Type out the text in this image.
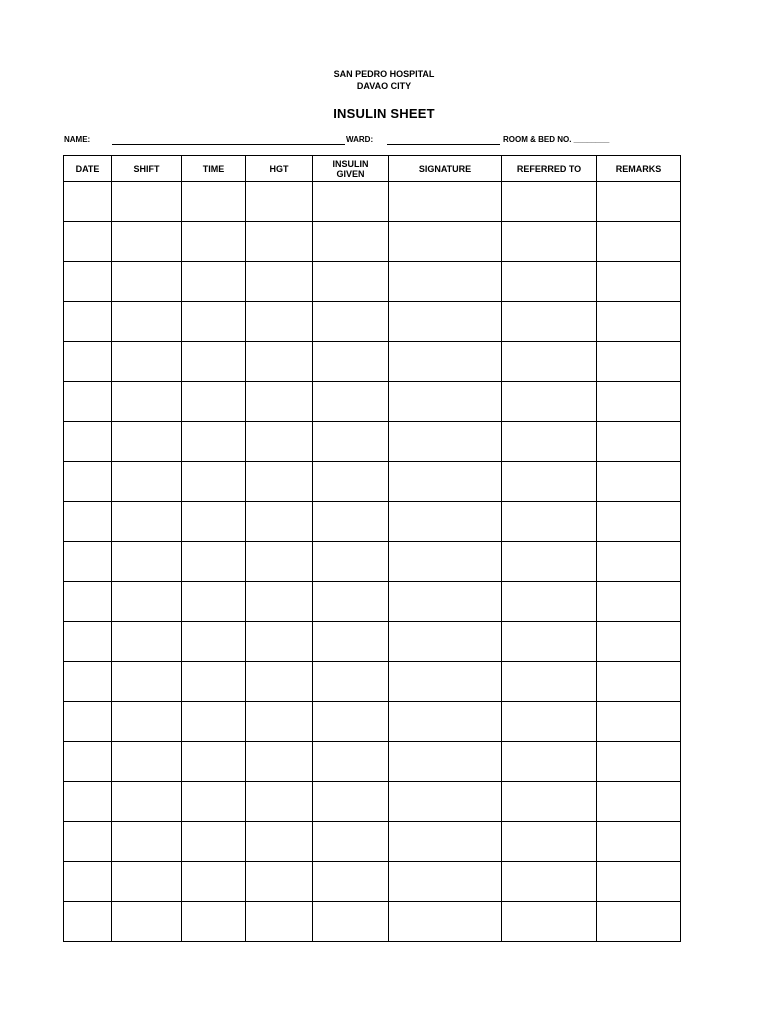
SAN PEDRO HOSPITAL
DAVAO CITY
INSULIN SHEET
NAME:	WARD:	ROOM & BED NO. ________
DATE	SHIFT	TIME	HGT	INSULIN GIVEN	SIGNATURE	REFERRED TO	REMARKS
